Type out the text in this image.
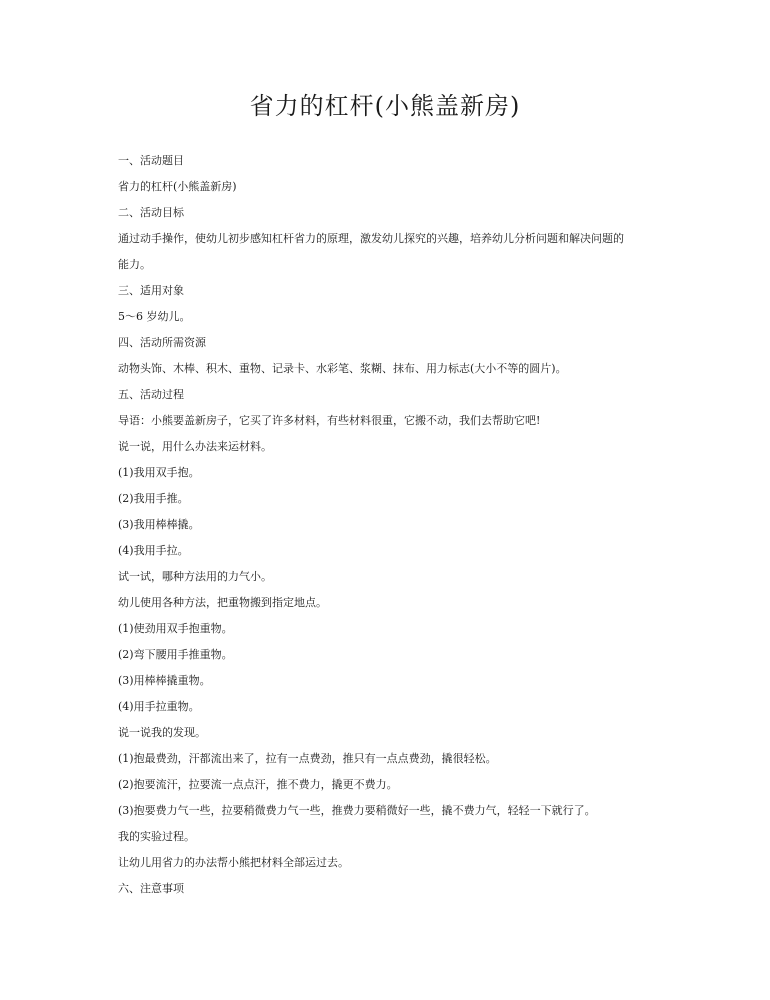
省力的杠杆(小熊盖新房)
一、活动题目
省力的杠杆(小熊盖新房)
二、活动目标
通过动手操作，使幼儿初步感知杠杆省力的原理，激发幼儿探究的兴趣，培养幼儿分析问题和解决问题的
能力。
三、适用对象
5～6 岁幼儿。
四、活动所需资源
动物头饰、木棒、积木、重物、记录卡、水彩笔、浆糊、抹布、用力标志(大小不等的圆片)。
五、活动过程
导语：小熊要盖新房子，它买了许多材料，有些材料很重，它搬不动，我们去帮助它吧!
说一说，用什么办法来运材料。
(1)我用双手抱。
(2)我用手推。
(3)我用棒棒撬。
(4)我用手拉。
试一试，哪种方法用的力气小。
幼儿使用各种方法，把重物搬到指定地点。
(1)使劲用双手抱重物。
(2)弯下腰用手推重物。
(3)用棒棒撬重物。
(4)用手拉重物。
说一说我的发现。
(1)抱最费劲，汗都流出来了，拉有一点费劲，推只有一点点费劲，撬很轻松。
(2)抱要流汗，拉要流一点点汗，推不费力，撬更不费力。
(3)抱要费力气一些，拉要稍微费力气一些，推费力要稍微好一些，撬不费力气，轻轻一下就行了。
我的实验过程。
让幼儿用省力的办法帮小熊把材料全部运过去。
六、注意事项
